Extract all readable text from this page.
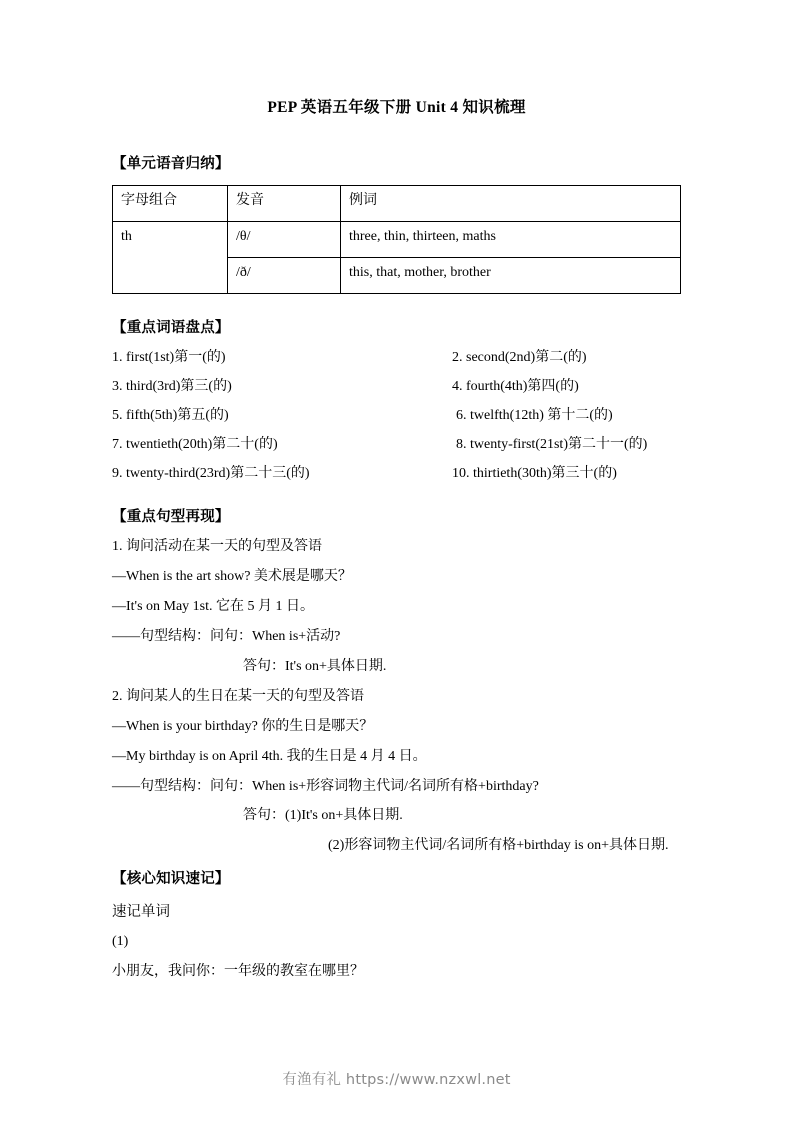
PEP 英语五年级下册 Unit 4 知识梳理
【单元语音归纳】
字母组合	发音	例词
th	/θ/	three, thin, thirteen, maths
	/ð/	this, that, mother, brother
【重点词语盘点】
1. first(1st)第一(的)	2. second(2nd)第二(的)
3. third(3rd)第三(的)	4. fourth(4th)第四(的)
5. fifth(5th)第五(的)	6. twelfth(12th) 第十二(的)
7. twentieth(20th)第二十(的)	8. twenty-first(21st)第二十一(的)
9. twenty-third(23rd)第二十三(的)	10. thirtieth(30th)第三十(的)
【重点句型再现】
1. 询问活动在某一天的句型及答语
—When is the art show? 美术展是哪天？
—It's on May 1st. 它在 5 月 1 日。
——句型结构：问句：When is+活动?
答句：It's on+具体日期.
2. 询问某人的生日在某一天的句型及答语
—When is your birthday? 你的生日是哪天？
—My birthday is on April 4th. 我的生日是 4 月 4 日。
——句型结构：问句：When is+形容词物主代词/名词所有格+birthday?
答句：(1)It's on+具体日期.
(2)形容词物主代词/名词所有格+birthday is on+具体日期.
【核心知识速记】
速记单词
(1)
小朋友，我问你：一年级的教室在哪里？
有渔有礼 https://www.nzxwl.net
